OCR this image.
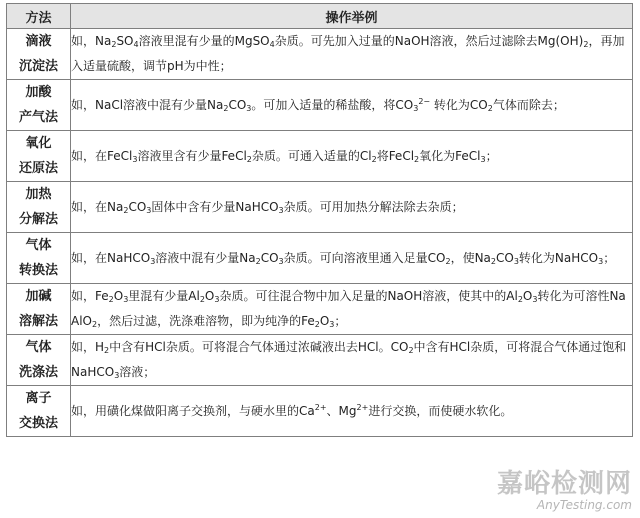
方法	操作举例

滴液
沉淀法	如，$Na_2SO_4$溶液里混有少量的MgSO$_4$杂质。可先加入过量的NaOH溶液，然后过滤除去$Mg(OH)_2$，再加入适量硫酸，调节pH为中性；

加酸
产气法	如，NaCl溶液中混有少量$Na_2CO_3$。可加入适量的稀盐酸，将$CO_3^{2-}$ 转化为$CO_2$气体而除去；

氧化
还原法	如，在FeCl$_3$溶液里含有少量FeCl$_2$杂质。可通入适量的$Cl_2$将FeCl$_2$氧化为FeCl$_3$；

加热
分解法	如，在$Na_2CO_3$固体中含有少量NaHCO$_3$杂质。可用加热分解法除去杂质；

气体
转换法	如，在NaHCO$_3$溶液中混有少量$Na_2CO_3$杂质。可向溶液里通入足量$CO_2$，使$Na_2CO_3$转化为NaHCO$_3$；

加碱
溶解法	如，$Fe_2O_3$里混有少量$Al_2O_3$杂质。可往混合物中加入足量的NaOH溶液，使其中的$Al_2O_3$转化为可溶性NaAlO$_2$，然后过滤，洗涤难溶物，即为纯净的$Fe_2O_3$；

气体
洗涤法	如，$H_2$中含有HCl杂质。可将混合气体通过浓碱液出去HCl。$CO_2$中含有HCl杂质，可将混合气体通过饱和NaHCO$_3$溶液；

离子
交换法	如，用磺化煤做阳离子交换剂，与硬水里的$Ca^{2+}$、$Mg^{2+}$进行交换，而使硬水软化。
嘉峪检测网
AnyTesting.com
